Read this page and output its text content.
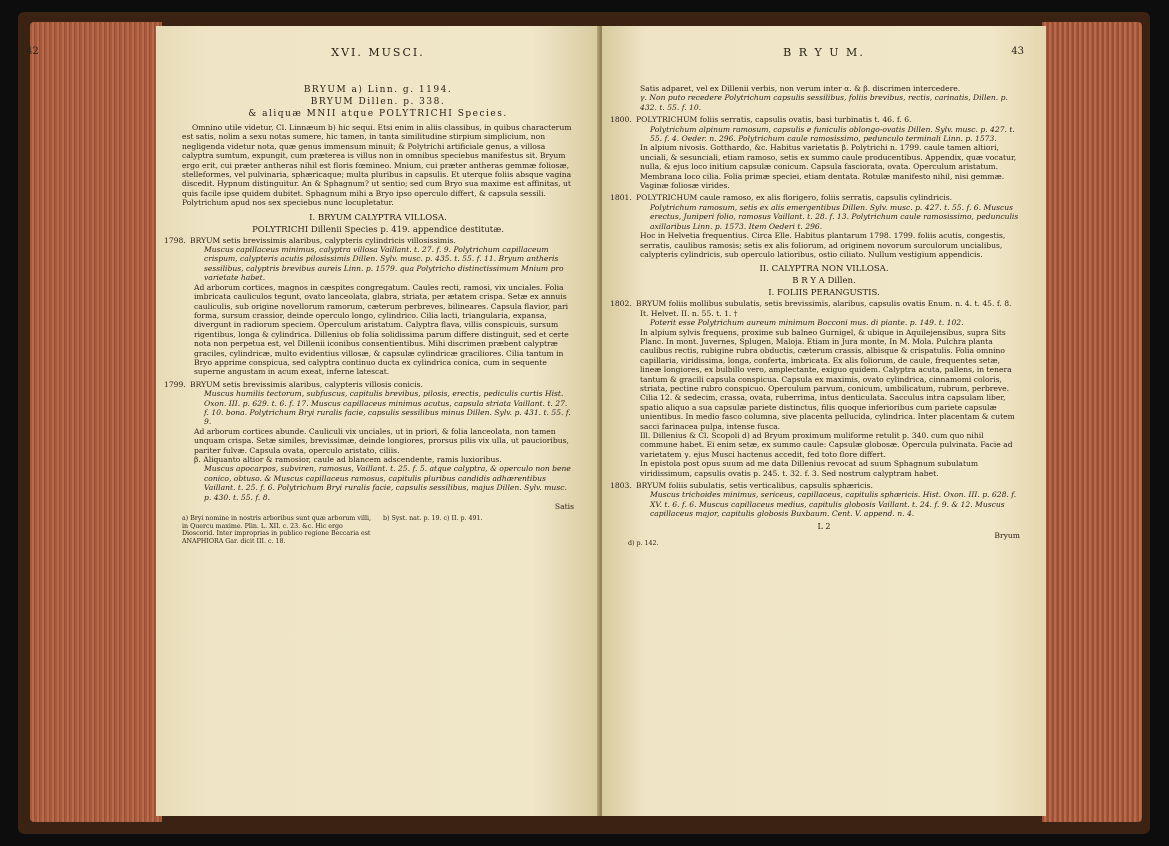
42	XVI. MUSCI.
BRYUM a) Linn. g. 1194.
BRYUM Dillen. p. 338.
& aliquæ MNII atque POLYTRICHI Species.

Omnino utile videtur, Cl. Linnæum b) hic sequi. Etsi enim in aliis classibus, in quibus characterum est satis, nolim a sexu notas sumere, hic tamen, in tanta similitudine stirpium simplicium, non negligenda videtur nota, quæ genus immensum minuit; & Polytrichi artificiale genus, a villosa calyptra sumtum, expungit, cum præterea is villus non in omnibus speciebus manifestus sit. Bryum ergo erit, cui præter antheras nihil est floris fœmineo. Mnium, cui præter antheras gemmæ foliosæ, stelleformes, vel pulvinaria, sphæricaque; multa pluribus in capsulis. Et uterque foliis absque vagina discedit. Hypnum distinguitur. An & Sphagnum? ut sentio; sed cum Bryo sua maxime est affinitas, ut quis facile ipse quidem dubitet. Sphagnum mihi a Bryo ipso operculo differt, & capsula sessili. Polytrichum apud nos sex speciebus nunc locupletatur.

I. BRYUM CALYPTRA VILLOSA.
POLYTRICHI Dillenii Species p. 419. appendice destitutæ.

1798. BRYUM setis brevissimis alaribus, calypteris cylindricis villosissimis.

Muscus capillaceus minimus, calyptra villosa Vaillant. t. 27. f. 9. Polytrichum capillaceum crispum, calypteris acutis pilosissimis Dillen. Sylv. musc. p. 435. t. 55. f. 11. Bryum antheris sessilibus, calyptris brevibus aureis Linn. p. 1579. qua Polytricho distinctissimum Mnium pro varietate habet.

Ad arborum cortices, magnos in cæspites congregatum. Caules recti, ramosi, vix unciales. Folia imbricata cauliculos tegunt, ovato lanceolata, glabra, striata, per ætatem crispa. Setæ ex annuis cauliculis, sub origine novellorum ramorum, cæterum perbreves, bilineares. Capsula flavior, pari forma, sursum crassior, deinde operculo longo, cylindrico. Cilia lacti, triangularia, expansa, divergunt in radiorum speciem. Operculum aristatum. Calyptra flava, villis conspicuis, sursum rigentibus, longa & cylindrica. Dillenius ob folia solidissima parum differe distinguit, sed et certe nota non perpetua est, vel Dillenii iconibus consentientibus. Mihi discrimen præbent calyptræ graciles, cylindricæ, multo evidentius villosæ, & capsulæ cylindricæ graciliores. Cilia tantum in Bryo apprime conspicua, sed calyptra continuo ducta ex cylindrica conica, cum in sequente superne angustam in acum exeat, inferne latescat.

1799. BRYUM setis brevissimis alaribus, calypteris villosis conicis.

Muscus humilis tectorum, subfuscus, capitulis brevibus, pilosis, erectis, pediculis curtis Hist. Oxon. III. p. 629. t. 6. f. 17. Muscus capillaceus minimus acutus, capsula striata Vaillant. t. 27. f. 10. bona. Polytrichum Bryi ruralis facie, capsulis sessilibus minus Dillen. Sylv. p. 431. t. 55. f. 9.

Ad arborum cortices abunde. Cauliculi vix unciales, ut in priori, & folia lanceolata, non tamen unquam crispa. Setæ similes, brevissimæ, deinde longiores, prorsus pilis vix ulla, ut paucioribus, pariter fulvæ. Capsula ovata, operculo aristato, ciliis.

β. Aliquanto altior & ramosior, caule ad blancem adscendente, ramis luxioribus.

Muscus apocarpos, subviren, ramosus, Vaillant. t. 25. f. 5. atque calyptra, & operculo non bene conico, obtuso. & Muscus capillaceus ramosus, capitulis pluribus candidis adhærentibus Vaillant. t. 25. f. 6. Polytrichum Bryi ruralis facie, capsulis sessilibus, majus Dillen. Sylv. musc. p. 430. t. 55. f. 8.

Satis
a) Bryi nomine in nostris arboribus sunt quæ arborum villi, in Quercu maxime. Plin. L. XII. c. 23. &c. Hic ergo Dioscorid. Inter improprias in publico regione Beccaria est ANAPHIORA Gar. dicit III. c. 18.
b) Syst. nat. p. 19. c) II. p. 491.
B R Y U M.	43

Satis adparet, vel ex Dillenii verbis, non verum inter α. & β. discrimen intercedere.

γ. Non puto recedere Polytrichum capsulis sessilibus, foliis brevibus, rectis, carinatis, Dillen. p. 432. t. 55. f. 10.

1800. POLYTRICHUM foliis serratis, capsulis ovatis, basi turbinatis t. 46. f. 6.

Polytrichum alpinum ramosum, capsulis e funiculis oblongo-ovatis Dillen. Sylv. musc. p. 427. t. 55. f. 4. Oeder. n. 296. Polytrichum caule ramosissimo, pedunculo terminali Linn. p. 1573.

In alpium nivosis. Gotthardo, &c. Habitus varietatis β. Polytrichi n. 1799. caule tamen altiori, unciali, & sesunciali, etiam ramoso, setis ex summo caule producentibus. Appendix, quæ vocatur, nulla, & ejus loco initium capsulæ conicum. Capsula fasciorata, ovata. Operculum aristatum. Membrana loco cilia. Folia primæ speciei, etiam dentata. Rotulæ manifesto nihil, nisi gemmæ. Vaginæ foliosæ virides.

1801. POLYTRICHUM caule ramoso, ex alis florigero, foliis serratis, capsulis cylindricis.

Polytrichum ramosum, setis ex alis emergentibus Dillen. Sylv. musc. p. 427. t. 55. f. 6. Muscus erectus, Juniperi folio, ramosus Vaillant. t. 28. f. 13. Polytrichum caule ramosissimo, pedunculis axillaribus Linn. p. 1573. Item Oederi t. 296.

Hoc in Helvetia frequentius. Circa Elle. Habitus plantarum 1798. 1799. foliis acutis, congestis, serratis, caulibus ramosis; setis ex alis foliorum, ad originem novorum surculorum uncialibus, calypteris cylindricis, sub operculo latioribus, ostio ciliato. Nullum vestigium appendicis.

II. CALYPTRA NON VILLOSA.
B R Y A Dillen.
I. FOLIIS PERANGUSTIS.

1802. BRYUM foliis mollibus subulatis, setis brevissimis, alaribus, capsulis ovatis Enum. n. 4. t. 45. f. 8. It. Helvet. II. n. 55. t. 1. †

Poterit esse Polytrichum aureum minimum Bocconi mus. di piante. p. 149. t. 102.

In alpium sylvis frequens, proxime sub balneo Gurnigel, & ubique in Aquilejensibus, supra Sits Planc. In mont. Juvernes, Splugen, Maloja. Etiam in Jura monte, In M. Mola. Pulchra planta caulibus rectis, rubigine rubra obductis, cæterum crassis, albisque & crispatulis. Folia omnino capillaria, viridissima, longa, conferta, imbricata. Ex alis foliorum, de caule, frequentes setæ, lineæ longiores, ex bulbillo vero, amplectante, exiguo quidem. Calyptra acuta, pallens, in tenera tantum & gracili capsula conspicua. Capsula ex maximis, ovato cylindrica, cinnamomi coloris, striata, pectine rubro conspicuo. Operculum parvum, conicum, umbilicatum, rubrum, perbreve. Cilia 12. & sedecim, crassa, ovata, ruberrima, intus denticulata. Sacculus intra capsulam liber, spatio aliquo a sua capsulæ pariete distinctus, filis quoque inferioribus cum pariete capsulæ unientibus. In medio fasco columna, sive placenta pellucida, cylindrica. Inter placentam & cutem sacci farinacea pulpa, intense fusca.

Ill. Dillenius & Cl. Scopoli d) ad Bryum proximum muliforme retulit p. 340. cum quo nihil commune habet. Ei enim setæ, ex summo caule: Capsulæ globosæ. Opercula pulvinata. Facie ad varietatem γ. ejus Musci hactenus accedit, fed toto flore differt.

In epistola post opus suum ad me data Dillenius revocat ad suum Sphagnum subulatum viridissimum, capsulis ovatis p. 245. t. 32. f. 3. Sed nostrum calyptram habet.

1803. BRYUM foliis subulatis, setis verticalibus, capsulis sphæricis.

Muscus trichoides minimus, sericeus, capillaceus, capitulis sphæricis. Hist. Oxon. III. p. 628. f. XV. t. 6. f. 6. Muscus capillaceus medius, capitulis globosis Vaillant. t. 24. f. 9. & 12. Muscus capillaceus major, capitulis globosis Buxbaum. Cent. V. append. n. 4.

L 2
Bryum
d) p. 142.
